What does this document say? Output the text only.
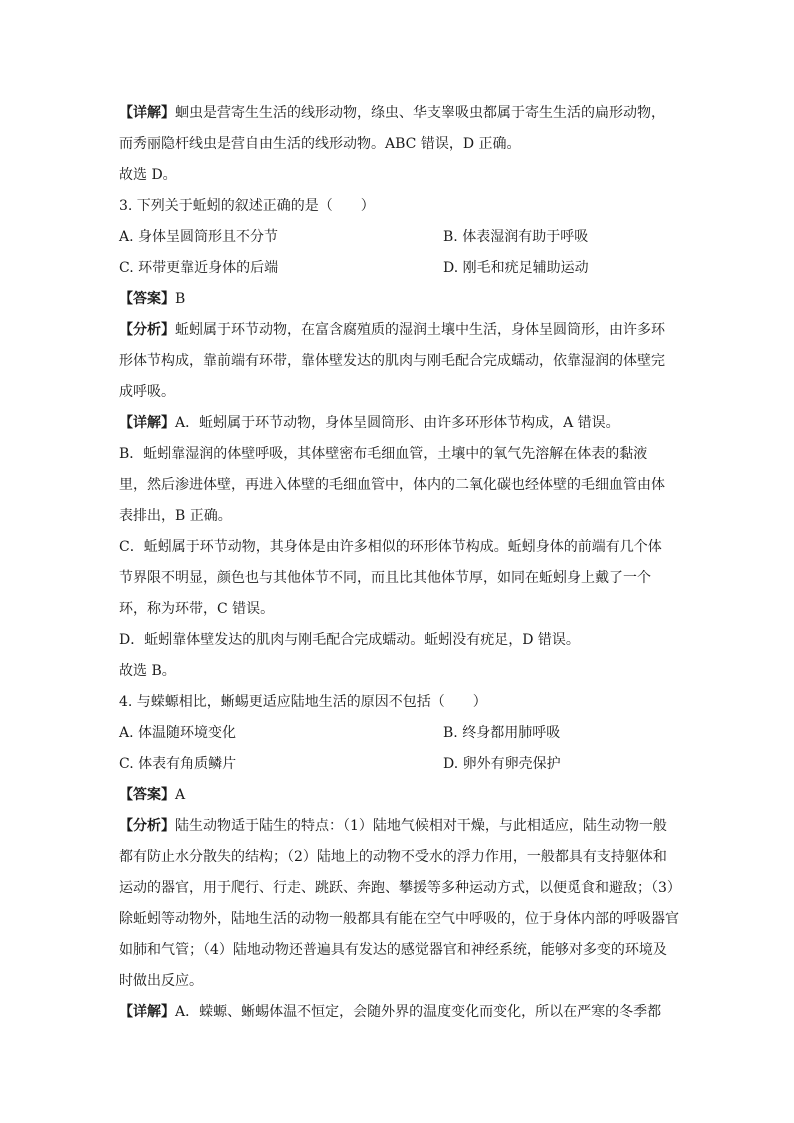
【详解】蛔虫是营寄生生活的线形动物，绦虫、华支睾吸虫都属于寄生生活的扁形动物，
而秀丽隐杆线虫是营自由生活的线形动物。ABC 错误，D 正确。
故选 D。
3. 下列关于蚯蚓的叙述正确的是（　　）
A. 身体呈圆筒形且不分节	B. 体表湿润有助于呼吸
C. 环带更靠近身体的后端	D. 刚毛和疣足辅助运动
【答案】B
【分析】蚯蚓属于环节动物，在富含腐殖质的湿润土壤中生活，身体呈圆筒形，由许多环
形体节构成，靠前端有环带，靠体壁发达的肌肉与刚毛配合完成蠕动，依靠湿润的体壁完
成呼吸。
【详解】A．蚯蚓属于环节动物，身体呈圆筒形、由许多环形体节构成，A 错误。
B．蚯蚓靠湿润的体壁呼吸，其体壁密布毛细血管，土壤中的氧气先溶解在体表的黏液
里，然后渗进体壁，再进入体壁的毛细血管中，体内的二氧化碳也经体壁的毛细血管由体
表排出，B 正确。
C．蚯蚓属于环节动物，其身体是由许多相似的环形体节构成。蚯蚓身体的前端有几个体
节界限不明显，颜色也与其他体节不同，而且比其他体节厚，如同在蚯蚓身上戴了一个
环，称为环带，C 错误。
D．蚯蚓靠体壁发达的肌肉与刚毛配合完成蠕动。蚯蚓没有疣足，D 错误。
故选 B。
4. 与蝾螈相比，蜥蜴更适应陆地生活的原因不包括（　　）
A. 体温随环境变化	B. 终身都用肺呼吸
C. 体表有角质鳞片	D. 卵外有卵壳保护
【答案】A
【分析】陆生动物适于陆生的特点：（1）陆地气候相对干燥，与此相适应，陆生动物一般
都有防止水分散失的结构；（2）陆地上的动物不受水的浮力作用，一般都具有支持躯体和
运动的器官，用于爬行、行走、跳跃、奔跑、攀援等多种运动方式，以便觅食和避敌；（3）
除蚯蚓等动物外，陆地生活的动物一般都具有能在空气中呼吸的，位于身体内部的呼吸器官
如肺和气管；（4）陆地动物还普遍具有发达的感觉器官和神经系统，能够对多变的环境及
时做出反应。
【详解】A．蝾螈、蜥蜴体温不恒定，会随外界的温度变化而变化，所以在严寒的冬季都
